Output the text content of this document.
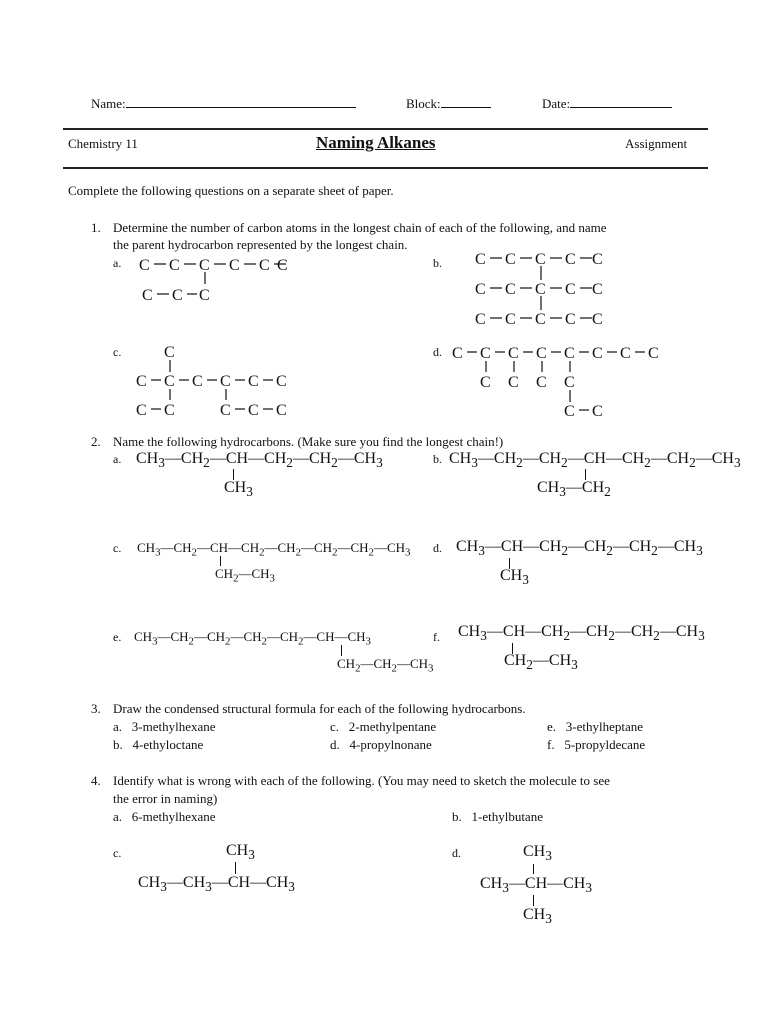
Name:	Block:	Date:
Chemistry 11	Naming Alkanes	Assignment
Complete the following questions on a separate sheet of paper.
1. Determine the number of carbon atoms in the longest chain of each of the following, and name
the parent hydrocarbon represented by the longest chain.
a. C C C C C
C C C
C	b. C C C C
C C C C
C C C C
C
C
C
c.	C
C C C C C C
C C	C C C
d. C C C C C C C C
C C C C
C C
2. Name the following hydrocarbons. (Make sure you find the longest chain!)
a. $CH_3—CH_2—CH—CH_2—CH_2—CH_3$
$CH_3$
b. $CH_3—CH_2—CH_2—CH—CH_2—CH_2—CH_3$
$CH_3—CH_2$
c. $CH_3—CH_2—CH—CH_2—CH_2—CH_2—CH_2—CH_3$
$CH_2—CH_3$
d. $CH_3—CH—CH_2—CH_2—CH_2—CH_3$
$CH_3$
e. $CH_3—CH_2—CH_2—CH_2—CH_2—CH—CH_3$
$CH_2—CH_2—CH_3$
f. $CH_3—CH—CH_2—CH_2—CH_2—CH_3$
$CH_2—CH_3$
3. Draw the condensed structural formula for each of the following hydrocarbons.
a. 3-methylhexane
b. 4-ethyloctane
c. 2-methylpentane
d. 4-propylnonane
e. 3-ethylheptane
f. 5-propyldecane
4. Identify what is wrong with each of the following. (You may need to sketch the molecule to see
the error in naming)
a. 6-methylhexane	b. 1-ethylbutane
c.	$CH_3$
$CH_3—CH_3—CH—CH_3$
d.	$CH_3$
$CH_3—CH—CH_3$
$CH_3$
